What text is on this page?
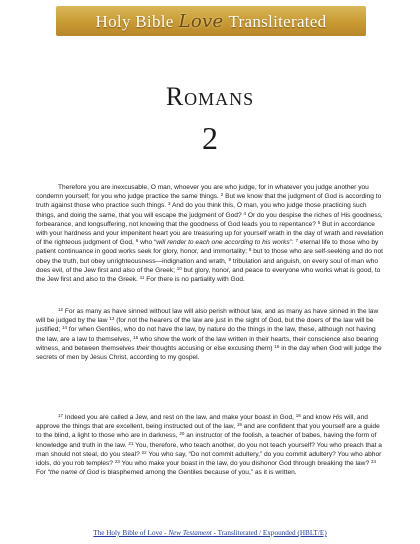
Holy Bible Love Transliterated
Romans
2
Therefore you are inexcusable, O man, whoever you are who judge, for in whatever you judge another you condemn yourself; for you who judge practice the same things. $^2$ But we know that the judgment of God is according to truth against those who practice such things. $^3$ And do you think this, O man, you who judge those practicing such things, and doing the same, that you will escape the judgment of God? $^4$ Or do you despise the riches of His goodness, forbearance, and longsuffering, not knowing that the goodness of God leads you to repentance? $^5$ But in accordance with your hardness and your impenitent heart you are treasuring up for yourself wrath in the day of wrath and revelation of the righteous judgment of God, $^6$ who “will render to each one according to his works”: $^7$ eternal life to those who by patient continuance in good works seek for glory, honor, and immortality; $^8$ but to those who are self-seeking and do not obey the truth, but obey unrighteousness—indignation and wrath, $^9$ tribulation and anguish, on every soul of man who does evil, of the Jew first and also of the Greek; $^{10}$ but glory, honor, and peace to everyone who works what is good, to the Jew first and also to the Greek. $^{11}$ For there is no partiality with God.
$^{12}$ For as many as have sinned without law will also perish without law, and as many as have sinned in the law will be judged by the law $^{13}$ (for not the hearers of the law are just in the sight of God, but the doers of the law will be justified; $^{14}$ for when Gentiles, who do not have the law, by nature do the things in the law, these, although not having the law, are a law to themselves, $^{15}$ who show the work of the law written in their hearts, their conscience also bearing witness, and between themselves their thoughts accusing or else excusing them) $^{16}$ in the day when God will judge the secrets of men by Jesus Christ, according to my gospel.
$^{17}$ Indeed you are called a Jew, and rest on the law, and make your boast in God, $^{18}$ and know His will, and approve the things that are excellent, being instructed out of the law, $^{19}$ and are confident that you yourself are a guide to the blind, a light to those who are in darkness, $^{20}$ an instructor of the foolish, a teacher of babes, having the form of knowledge and truth in the law. $^{21}$ You, therefore, who teach another, do you not teach yourself? You who preach that a man should not steal, do you steal? $^{22}$ You who say, “Do not commit adultery,” do you commit adultery? You who abhor idols, do you rob temples? $^{23}$ You who make your boast in the law, do you dishonor God through breaking the law? $^{24}$ For “the name of God is blasphemed among the Gentiles because of you,” as it is written.
The Holy Bible of Love - New Testament - Transliterated / Expounded (HBLT/E)
